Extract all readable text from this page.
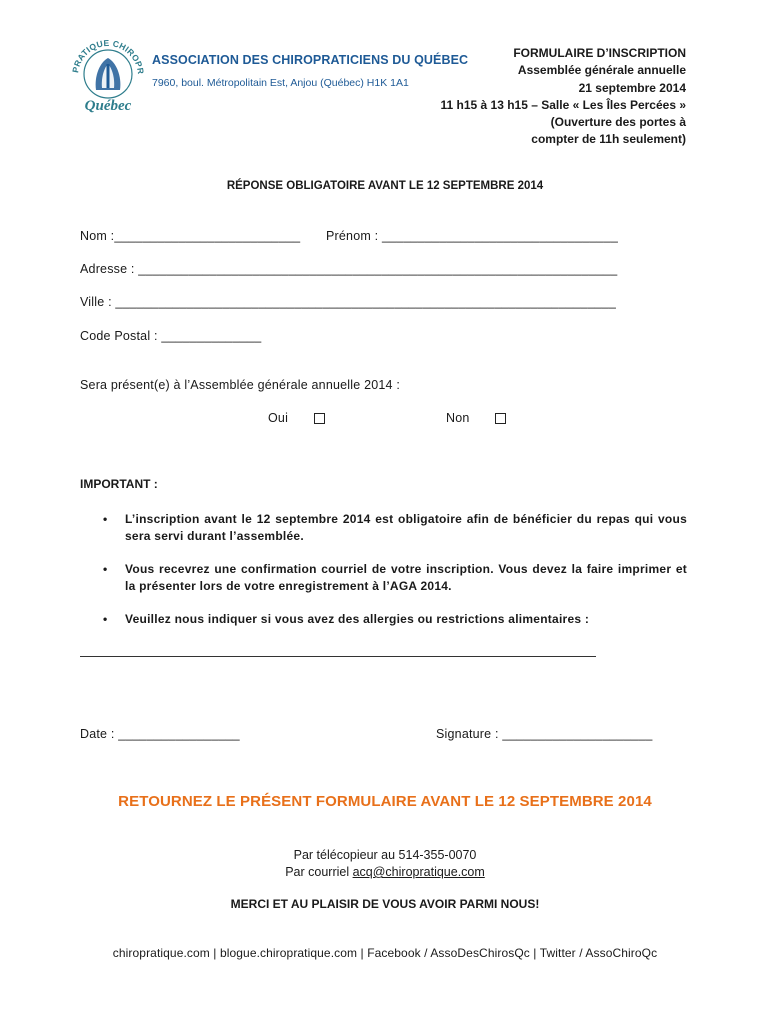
PRATIQUE CHIROPR
Québec
ASSOCIATION DES CHIROPRATICIENS DU QUÉBEC
7960, boul. Métropolitain Est, Anjou (Québec) H1K 1A1
FORMULAIRE D’INSCRIPTION
Assemblée générale annuelle
21 septembre 2014
11 h15 à 13 h15 – Salle « Les Îles Percées »
(Ouverture des portes à
compter de 11h seulement)
RÉPONSE OBLIGATOIRE AVANT LE 12 SEPTEMBRE 2014
Nom :__________________________ Prénom : _________________________________
Adresse : ___________________________________________________________________
Ville : ______________________________________________________________________
Code Postal : ______________
Sera présent(e) à l’Assemblée générale annuelle 2014 :
Oui	Non
IMPORTANT :
• L’inscription avant le 12 septembre 2014 est obligatoire afin de bénéficier du repas qui vous sera servi durant l’assemblée.
• Vous recevrez une confirmation courriel de votre inscription. Vous devez la faire imprimer et la présenter lors de votre enregistrement à l’AGA 2014.
• Veuillez nous indiquer si vous avez des allergies ou restrictions alimentaires :
Date : _________________	Signature : _____________________
RETOURNEZ LE PRÉSENT FORMULAIRE AVANT LE 12 SEPTEMBRE 2014
Par télécopieur au 514-355-0070
Par courriel acq@chiropratique.com
MERCI ET AU PLAISIR DE VOUS AVOIR PARMI NOUS!
chiropratique.com | blogue.chiropratique.com | Facebook / AssoDesChirosQc | Twitter / AssoChiroQc
